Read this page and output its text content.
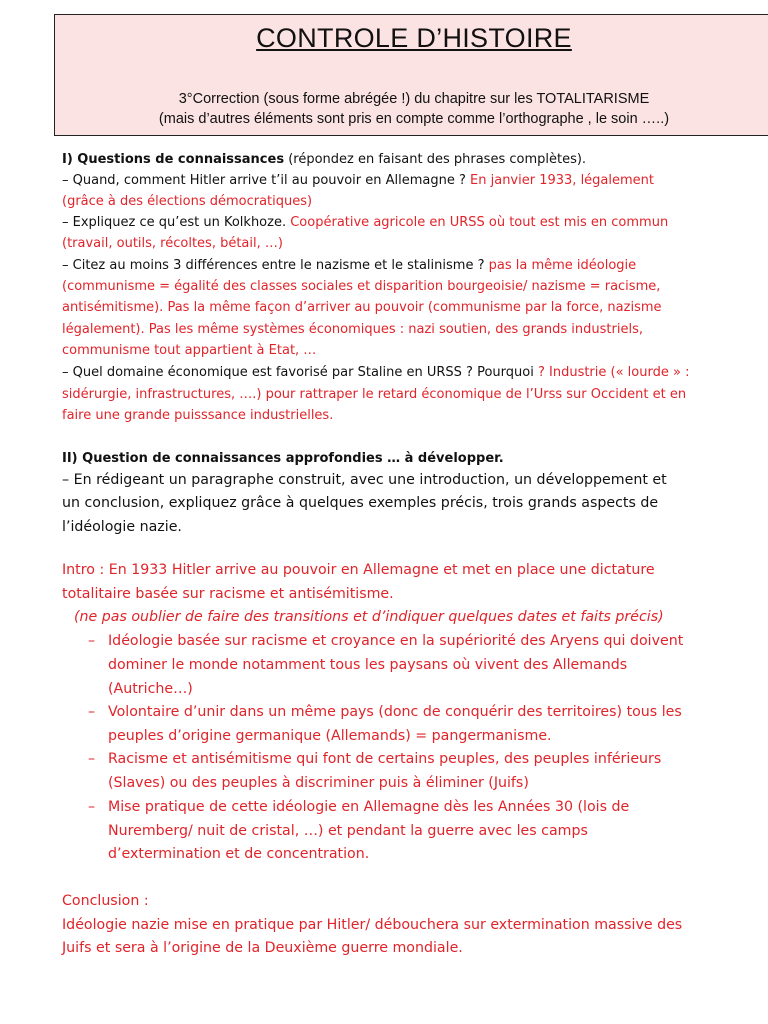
CONTROLE D’HISTOIRE
3°Correction (sous forme abrégée !) du chapitre sur les TOTALITARISME
(mais d’autres éléments sont pris en compte comme l’orthographe , le soin …..)
I) Questions de connaissances (répondez en faisant des phrases complètes).
– Quand, comment Hitler arrive t’il au pouvoir en Allemagne ? En janvier 1933, légalement
(grâce à des élections démocratiques)
– Expliquez ce qu’est un Kolkhoze. Coopérative agricole en URSS où tout est mis en commun
(travail, outils, récoltes, bétail, …)
– Citez au moins 3 différences entre le nazisme et le stalinisme ? pas la même idéologie
(communisme = égalité des classes sociales et disparition bourgeoisie/ nazisme = racisme,
antisémitisme). Pas la même façon d’arriver au pouvoir (communisme par la force, nazisme
légalement). Pas les même systèmes économiques : nazi soutien, des grands industriels,
communisme tout appartient à Etat, …
– Quel domaine économique est favorisé par Staline en URSS ? Pourquoi ? Industrie (« lourde » :
sidérurgie, infrastructures, ….) pour rattraper le retard économique de l’Urss sur Occident et en
faire une grande puisssance industrielles.
II) Question de connaissances approfondies … à développer.
– En rédigeant un paragraphe construit, avec une introduction, un développement et
un conclusion, expliquez grâce à quelques exemples précis, trois grands aspects de
l’idéologie nazie.
Intro : En 1933 Hitler arrive au pouvoir en Allemagne et met en place une dictature
totalitaire basée sur racisme et antisémitisme.
(ne pas oublier de faire des transitions et d’indiquer quelques dates et faits précis)
– Idéologie basée sur racisme et croyance en la supériorité des Aryens qui doivent
dominer le monde notamment tous les paysans où vivent des Allemands
(Autriche…)
– Volontaire d’unir dans un même pays (donc de conquérir des territoires) tous les
peuples d’origine germanique (Allemands) = pangermanisme.
– Racisme et antisémitisme qui font de certains peuples, des peuples inférieurs
(Slaves) ou des peuples à discriminer puis à éliminer (Juifs)
– Mise pratique de cette idéologie en Allemagne dès les Années 30 (lois de
Nuremberg/ nuit de cristal, …) et pendant la guerre avec les camps
d’extermination et de concentration.
Conclusion :
Idéologie nazie mise en pratique par Hitler/ débouchera sur extermination massive des
Juifs et sera à l’origine de la Deuxième guerre mondiale.
